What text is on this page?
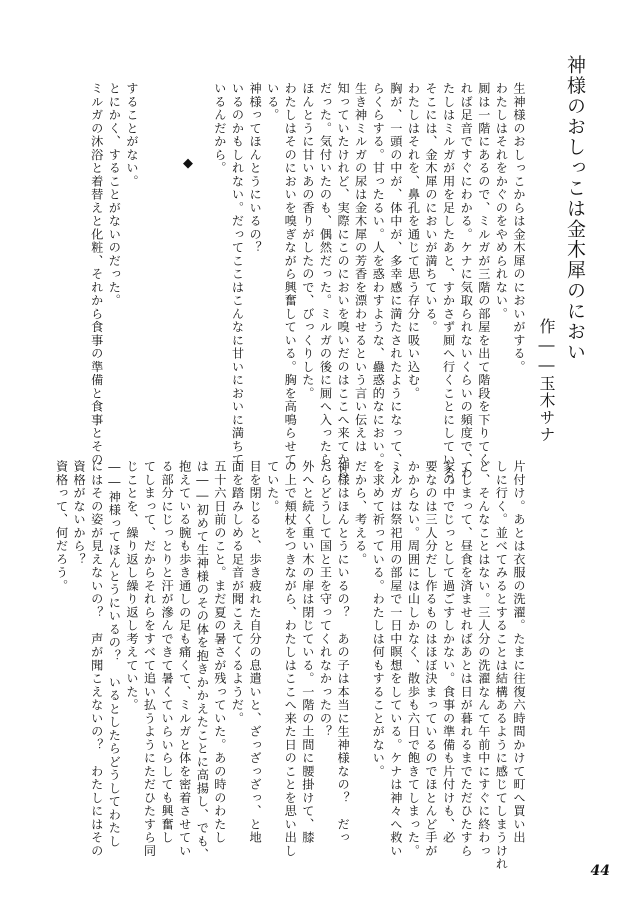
神様のおしっこは金木犀のにおい
作――玉木サナ

生神様のおしっこからは金木犀のにおいがする。

わたしはそれをかぐのをやめられない。

厠は一階にあるので、ミルガが三階の部屋を出て階段を下りてく

れば足音ですぐにわかる。ケナに気取られないくらいの頻度で、わ

たしはミルガが用を足したあと、すかさず厠へ行くことにしている。

そこには、金木犀のにおいが満ちている。

わたしはそれを、鼻孔を通じて思う存分に吸い込む。

胸が、一頭の中が、体中が、多幸感に満たされたようになって、く

らくらする。甘ったるい。人を惑わすような、蠱惑的なにおい。

生き神ミルガの尿は金木犀の芳香を漂わせるという言い伝えは

知っていたけれど、実際にこのにおいを嗅いだのはここへ来てから

だった。気付いたのも、偶然だった。ミルガの後に厠へ入ったら、

ほんとうに甘いあの香りがしたので、びっくりした。

わたしはそのにおいを嗅ぎながら興奮している。胸を高鳴らせて

いる。

神様ってほんとうにいるの？

いるのかもしれない。だってここはこんなに甘いにおいに満ちて

いるんだから。

することがない。

とにかく、することがないのだった。

ミルガの沐浴と着替えと化粧、それから食事の準備と食事とその	◆

片付け。あとは衣服の洗濯。たまに往復六時間かけて町へ買い出

しに行く。並べてみるとすることは結構あるように感じてしまうけれ

ど、そんなことはない。三人分の洗濯なんて午前中にすぐに終わっ

てしまって、昼食を済ませればあとは日が暮れるまでただひたすら

家の中でじっとして過ごすしかない。食事の準備も片付けも、必

要なのは三人分だし作るものはほぼ決まっているのでほとんど手が

かからない。周囲には山しかなく、散歩も六日で飽きてしまった。

ミルガは祭祀用の部屋で一日中瞑想をしている。ケナは神々へ救い

を求めて祈っている。わたしは何もすることがない。

だから、考える。

神様はほんとうにいるの？　あの子は本当に生神様なの？　だっ

たらどうして国と王を守ってくれなかったの？

外へと続く重い木の扉は閉じている。一階の土間に腰掛けて、膝

の上で頬杖をつきながら、わたしはここへ来た日のことを思い出し

ていた。

目を閉じると、歩き疲れた自分の息遣いと、ざっざっざっ、と地

面を踏みしめる足音が聞こえてくるようだ。

五十六日前のこと。まだ夏の暑さが残っていた。あの時のわたし

は――初めて生神様のその体を抱きかかえたことに高揚し、でも、

抱えている腕も歩き通しの足も痛くて、ミルガと体を密着させてい

る部分にじっとりと汗が滲んできて暑くていらいらしても興奮し

てしまって、だからそれらをすべて追い払うようにただひたすら同

じことを、繰り返し繰り返し考えていた。

――神様ってほんとうにいるの？　いるとしたらどうしてわたし

にはその姿が見えないの？　声が聞こえないの？　わたしにはその

資格がないから？

資格って、何だろう。

44
